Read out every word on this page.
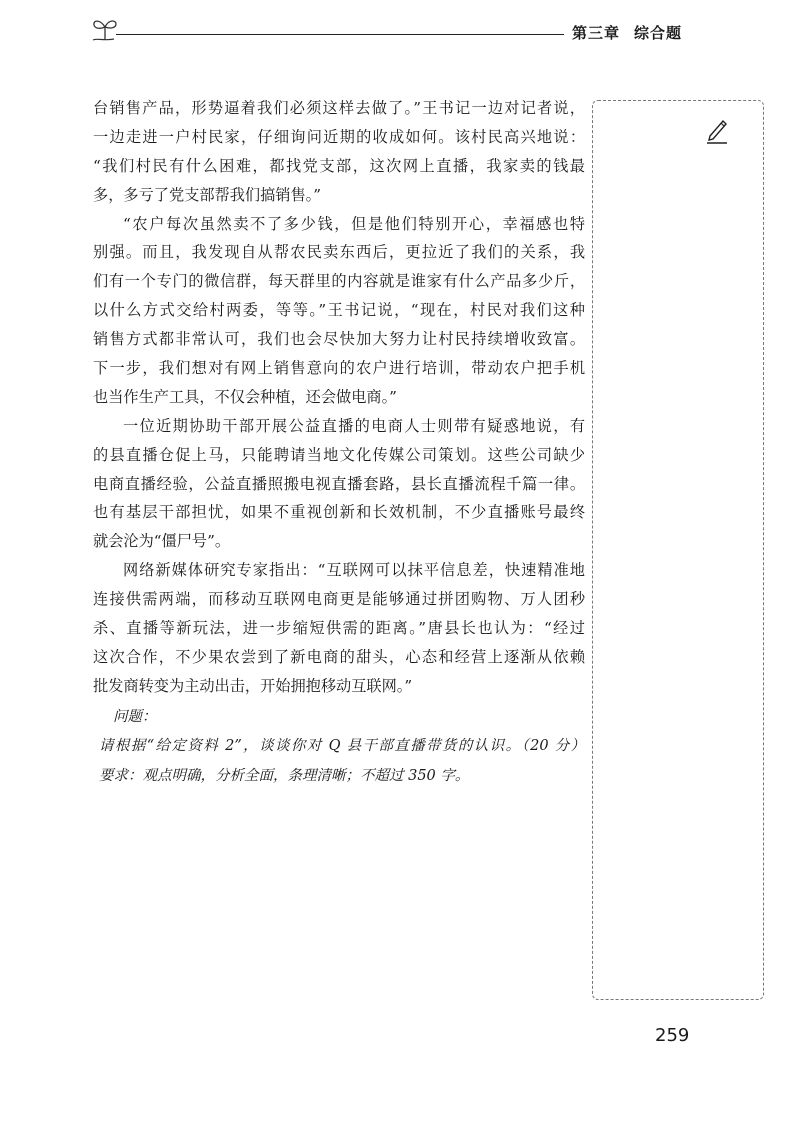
第三章 综合题
台销售产品，形势逼着我们必须这样去做了。”王书记一边对记者说，
一边走进一户村民家，仔细询问近期的收成如何。该村民高兴地说：
“我们村民有什么困难，都找党支部，这次网上直播，我家卖的钱最
多，多亏了党支部帮我们搞销售。”
“农户每次虽然卖不了多少钱，但是他们特别开心，幸福感也特
别强。而且，我发现自从帮农民卖东西后，更拉近了我们的关系，我
们有一个专门的微信群，每天群里的内容就是谁家有什么产品多少斤，
以什么方式交给村两委，等等。”王书记说，“现在，村民对我们这种
销售方式都非常认可，我们也会尽快加大努力让村民持续增收致富。
下一步，我们想对有网上销售意向的农户进行培训，带动农户把手机
也当作生产工具，不仅会种植，还会做电商。”
一位近期协助干部开展公益直播的电商人士则带有疑惑地说，有
的县直播仓促上马，只能聘请当地文化传媒公司策划。这些公司缺少
电商直播经验，公益直播照搬电视直播套路，县长直播流程千篇一律。
也有基层干部担忧，如果不重视创新和长效机制，不少直播账号最终
就会沦为“僵尸号”。
网络新媒体研究专家指出：“互联网可以抹平信息差，快速精准地
连接供需两端，而移动互联网电商更是能够通过拼团购物、万人团秒
杀、直播等新玩法，进一步缩短供需的距离。”唐县长也认为：“经过
这次合作，不少果农尝到了新电商的甜头，心态和经营上逐渐从依赖
批发商转变为主动出击，开始拥抱移动互联网。”
问题：
请根据“给定资料 2”，谈谈你对 Q 县干部直播带货的认识。（20 分）
要求：观点明确，分析全面，条理清晰；不超过 350 字。
259
